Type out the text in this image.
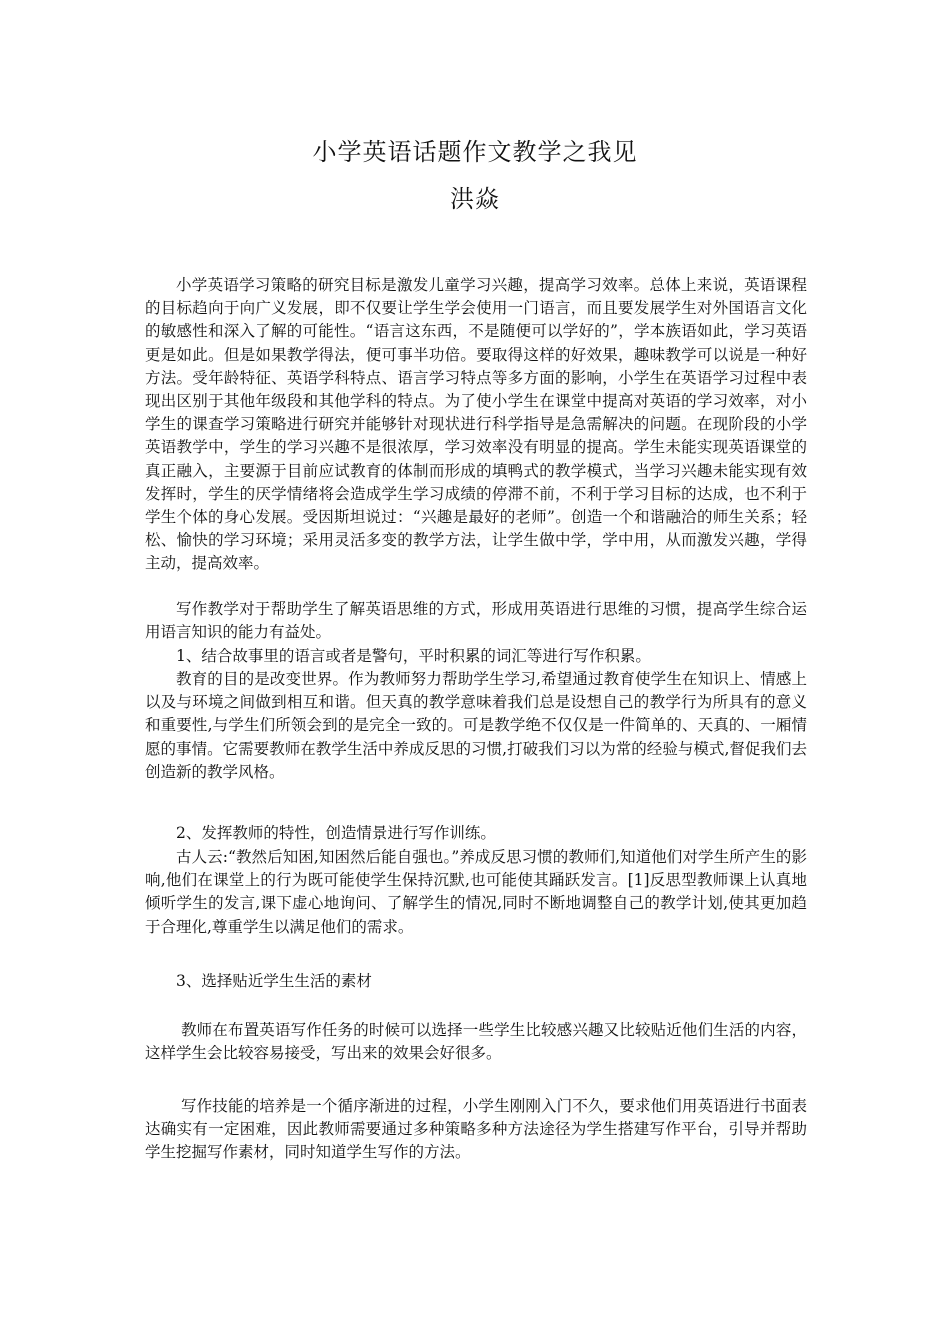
小学英语话题作文教学之我见
洪焱

小学英语学习策略的研究目标是激发儿童学习兴趣，提高学习效率。总体上来说，英语课程的目标趋向于向广义发展，即不仅要让学生学会使用一门语言，而且要发展学生对外国语言文化的敏感性和深入了解的可能性。“语言这东西，不是随便可以学好的”，学本族语如此，学习英语更是如此。但是如果教学得法，便可事半功倍。要取得这样的好效果，趣味教学可以说是一种好方法。受年龄特征、英语学科特点、语言学习特点等多方面的影响，小学生在英语学习过程中表现出区别于其他年级段和其他学科的特点。为了使小学生在课堂中提高对英语的学习效率，对小学生的课查学习策略进行研究并能够针对现状进行科学指导是急需解决的问题。在现阶段的小学英语教学中，学生的学习兴趣不是很浓厚，学习效率没有明显的提高。学生未能实现英语课堂的真正融入，主要源于目前应试教育的体制而形成的填鸭式的教学模式，当学习兴趣未能实现有效发挥时，学生的厌学情绪将会造成学生学习成绩的停滞不前，不利于学习目标的达成，也不利于学生个体的身心发展。受因斯坦说过：“兴趣是最好的老师”。创造一个和谐融洽的师生关系；轻松、愉快的学习环境；采用灵活多变的教学方法，让学生做中学，学中用，从而激发兴趣，学得主动，提高效率。

写作教学对于帮助学生了解英语思维的方式，形成用英语进行思维的习惯，提高学生综合运用语言知识的能力有益处。

1、结合故事里的语言或者是警句，平时积累的词汇等进行写作积累。

教育的目的是改变世界。作为教师努力帮助学生学习,希望通过教育使学生在知识上、情感上以及与环境之间做到相互和谐。但天真的教学意味着我们总是设想自己的教学行为所具有的意义和重要性,与学生们所领会到的是完全一致的。可是教学绝不仅仅是一件简单的、天真的、一厢情愿的事情。它需要教师在教学生活中养成反思的习惯,打破我们习以为常的经验与模式,督促我们去创造新的教学风格。

2、发挥教师的特性，创造情景进行写作训练。

古人云:“教然后知困,知困然后能自强也。”养成反思习惯的教师们,知道他们对学生所产生的影响,他们在课堂上的行为既可能使学生保持沉默,也可能使其踊跃发言。[1]反思型教师课上认真地倾听学生的发言,课下虚心地询问、了解学生的情况,同时不断地调整自己的教学计划,使其更加趋于合理化,尊重学生以满足他们的需求。

3、选择贴近学生生活的素材

教师在布置英语写作任务的时候可以选择一些学生比较感兴趣又比较贴近他们生活的内容，这样学生会比较容易接受，写出来的效果会好很多。

写作技能的培养是一个循序渐进的过程，小学生刚刚入门不久，要求他们用英语进行书面表达确实有一定困难，因此教师需要通过多种策略多种方法途径为学生搭建写作平台，引导并帮助学生挖掘写作素材，同时知道学生写作的方法。
